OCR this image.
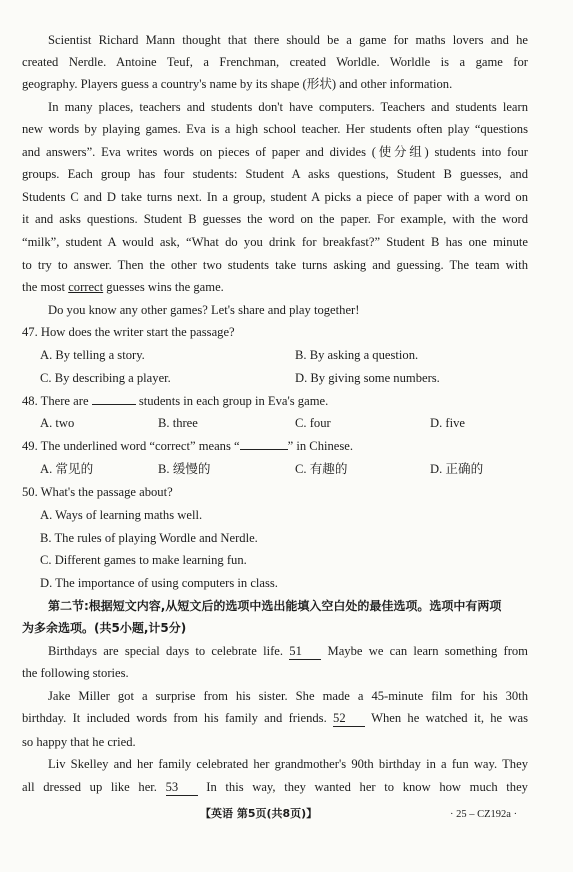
Scientist Richard Mann thought that there should be a game for maths lovers and he
created Nerdle. Antoine Teuf, a Frenchman, created Worldle. Worldle is a game for
geography. Players guess a country's name by its shape (形状) and other information.
In many places, teachers and students don't have computers. Teachers and students learn
new words by playing games. Eva is a high school teacher. Her students often play “questions
and answers”. Eva writes words on pieces of paper and divides (使分组) students into four
groups. Each group has four students: Student A asks questions, Student B guesses, and
Students C and D take turns next. In a group, student A picks a piece of paper with a word on
it and asks questions. Student B guesses the word on the paper. For example, with the word
“milk”, student A would ask, “What do you drink for breakfast?” Student B has one minute
to try to answer. Then the other two students take turns asking and guessing. The team with
the most correct guesses wins the game.
Do you know any other games? Let's share and play together!
47. How does the writer start the passage?
A. By telling a story.	B. By asking a question.
C. By describing a player.	D. By giving some numbers.
48. There are	students in each group in Eva's game.
A. two	B. three	C. four	D. five
49. The underlined word “correct” means “	” in Chinese.
A. 常见的	B. 缓慢的	C. 有趣的	D. 正确的
50. What's the passage about?
A. Ways of learning maths well.
B. The rules of playing Wordle and Nerdle.
C. Different games to make learning fun.
D. The importance of using computers in class.
第二节:根据短文内容,从短文后的选项中选出能填入空白处的最佳选项。选项中有两项
为多余选项。(共5小题,计5分)
Birthdays are special days to celebrate life. 51 Maybe we can learn something from
the following stories.
Jake Miller got a surprise from his sister. She made a 45-minute film for his 30th
birthday. It included words from his family and friends. 52 When he watched it, he was
so happy that he cried.
Liv Skelley and her family celebrated her grandmother's 90th birthday in a fun way. They
all dressed up like her. 53 In this way, they wanted her to know how much they
【英语 第5页(共8页)】	· 25 – CZ192a ·
